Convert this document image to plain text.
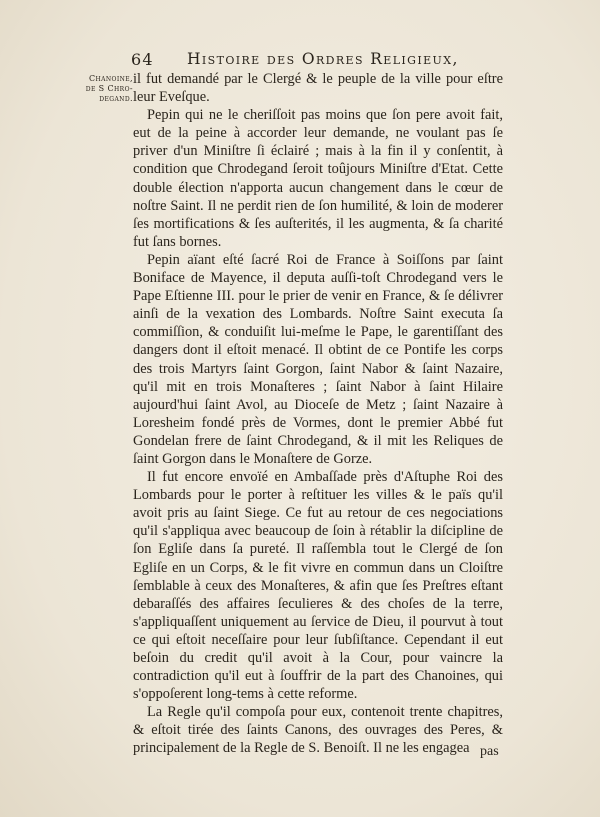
64 Histoire des Ordres Religieux,
Chanoine,
de S Chro-
degand.

il fut demandé par le Clergé & le peuple de la ville pour eſtre leur Eveſque.

Pepin qui ne le cheriſſoit pas moins que ſon pere avoit fait, eut de la peine à accorder leur demande, ne voulant pas ſe priver d'un Miniſtre ſi éclairé ; mais à la fin il y conſentit, à condition que Chrodegand ſeroit toûjours Miniſtre d'Etat. Cette double élection n'apporta aucun changement dans le cœur de noſtre Saint. Il ne perdit rien de ſon humilité, & loin de moderer ſes mortifications & ſes auſterités, il les augmenta, & ſa charité fut ſans bornes.

Pepin aïant eſté ſacré Roi de France à Soiſſons par ſaint Boniface de Mayence, il deputa auſſi-toſt Chrodegand vers le Pape Eſtienne III. pour le prier de venir en France, & ſe délivrer ainſi de la vexation des Lombards. Noſtre Saint executa ſa commiſſion, & conduiſit lui-meſme le Pape, le garentiſſant des dangers dont il eſtoit menacé. Il obtint de ce Pontife les corps des trois Martyrs ſaint Gorgon, ſaint Nabor & ſaint Nazaire, qu'il mit en trois Monaſteres ; ſaint Nabor à ſaint Hilaire aujourd'hui ſaint Avol, au Dioceſe de Metz ; ſaint Nazaire à Loresheim fondé près de Vormes, dont le premier Abbé fut Gondelan frere de ſaint Chrodegand, & il mit les Reliques de ſaint Gorgon dans le Monaſtere de Gorze.

Il fut encore envoïé en Ambaſſade près d'Aſtuphe Roi des Lombards pour le porter à reſtituer les villes & le païs qu'il avoit pris au ſaint Siege. Ce fut au retour de ces negociations qu'il s'appliqua avec beaucoup de ſoin à rétablir la diſcipline de ſon Egliſe dans ſa pureté. Il raſſembla tout le Clergé de ſon Egliſe en un Corps, & le fit vivre en commun dans un Cloiſtre ſemblable à ceux des Monaſteres, & afin que ſes Preſtres eſtant debaraſſés des affaires ſeculieres & des choſes de la terre, s'appliquaſſent uniquement au ſervice de Dieu, il pourvut à tout ce qui eſtoit neceſſaire pour leur ſubſiſtance. Cependant il eut beſoin du credit qu'il avoit à la Cour, pour vaincre la contradiction qu'il eut à ſouffrir de la part des Chanoines, qui s'oppoſerent long-tems à cette reforme.

La Regle qu'il compoſa pour eux, contenoit trente chapitres, & eſtoit tirée des ſaints Canons, des ouvrages des Peres, & principalement de la Regle de S. Benoiſt. Il ne les engagea pas
